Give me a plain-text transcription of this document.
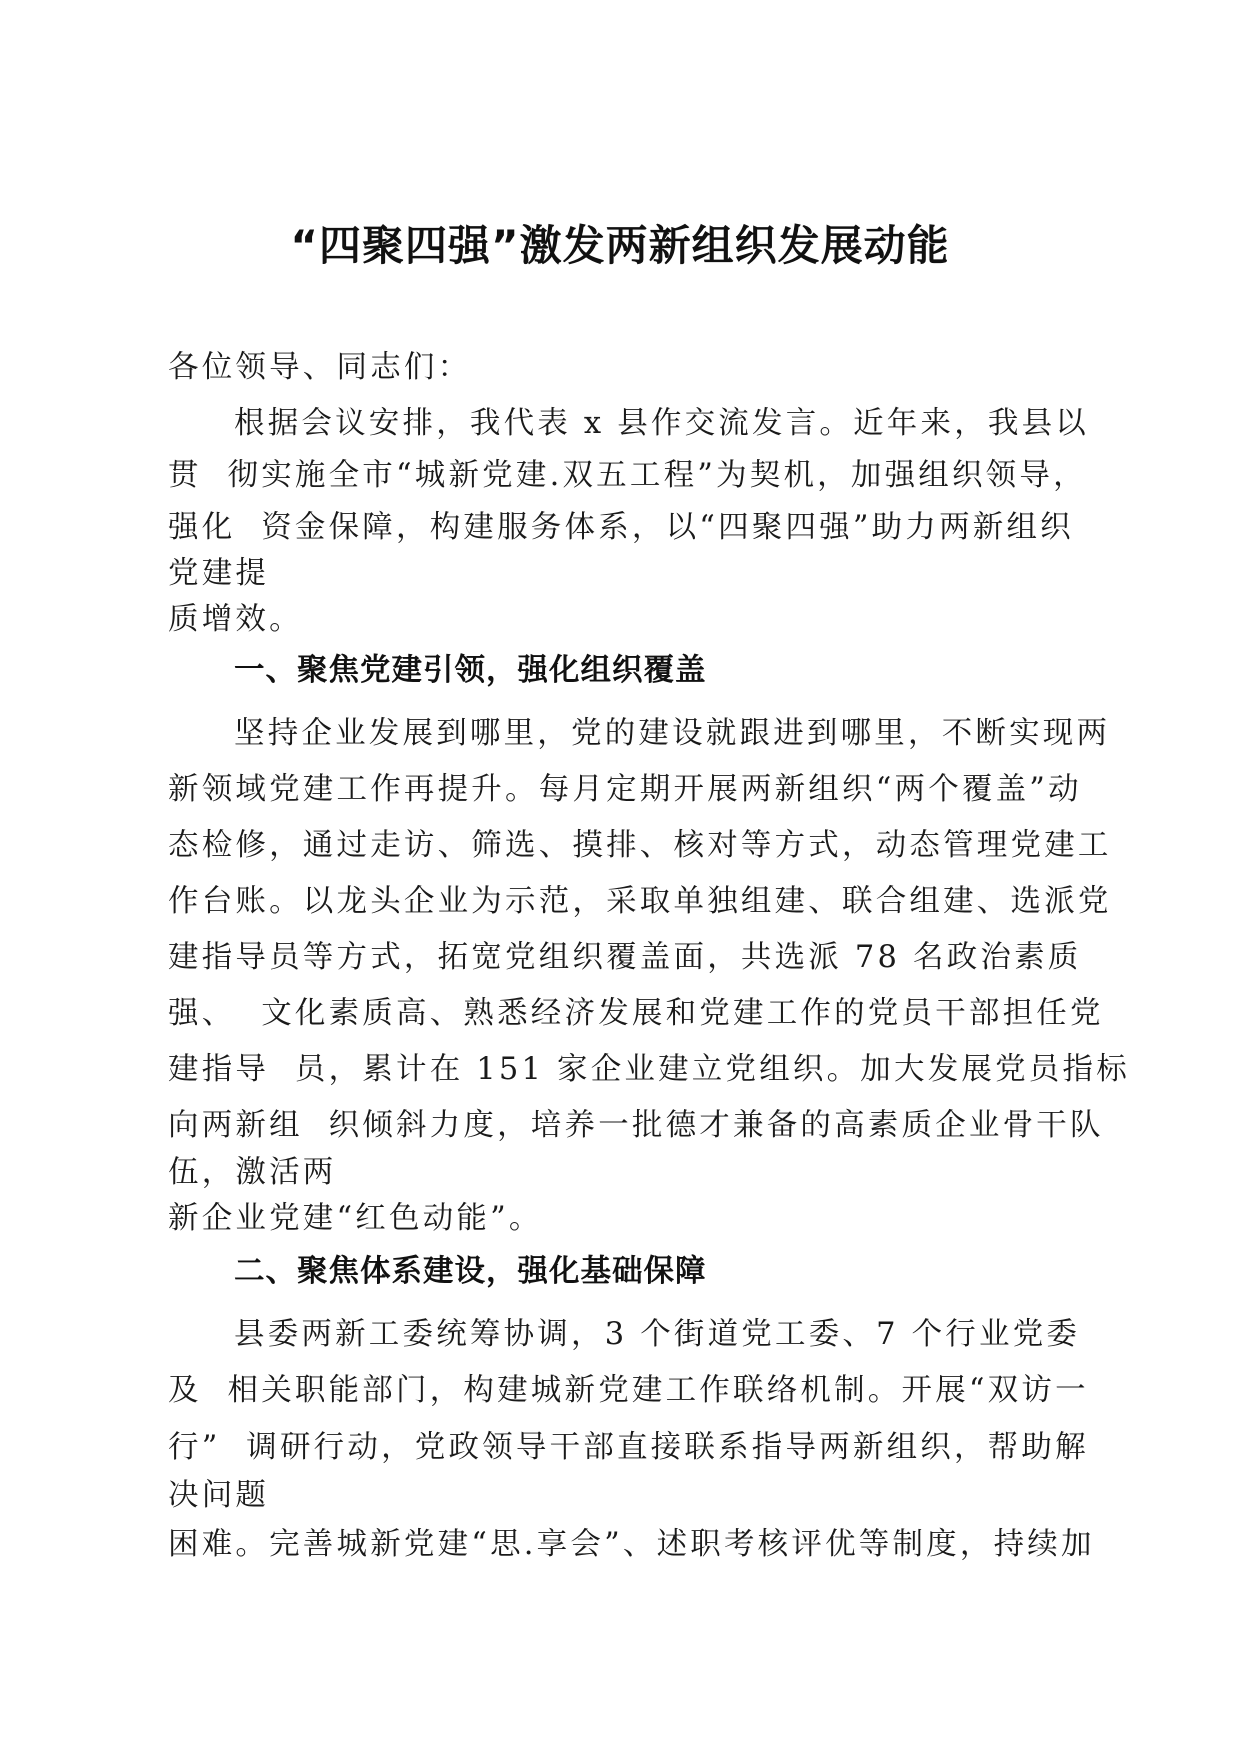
“四聚四强”激发两新组织发展动能
各位领导、同志们：
根据会议安排，我代表 x 县作交流发言。近年来，我县以
贯  彻实施全市“城新党建.双五工程”为契机，加强组织领导，
强化  资金保障，构建服务体系，以“四聚四强”助力两新组织
党建提
质增效。
一、聚焦党建引领，强化组织覆盖
坚持企业发展到哪里，党的建设就跟进到哪里，不断实现两
新领域党建工作再提升。每月定期开展两新组织“两个覆盖”动
态检修，通过走访、筛选、摸排、核对等方式，动态管理党建工
作台账。以龙头企业为示范，采取单独组建、联合组建、选派党
建指导员等方式，拓宽党组织覆盖面，共选派 78 名政治素质
强、  文化素质高、熟悉经济发展和党建工作的党员干部担任党
建指导  员，累计在 151 家企业建立党组织。加大发展党员指标
向两新组  织倾斜力度，培养一批德才兼备的高素质企业骨干队
伍，激活两
新企业党建“红色动能”。
二、聚焦体系建设，强化基础保障
县委两新工委统筹协调，3 个街道党工委、7 个行业党委
及  相关职能部门，构建城新党建工作联络机制。开展“双访一
行”  调研行动，党政领导干部直接联系指导两新组织，帮助解
决问题
困难。完善城新党建“思.享会”、述职考核评优等制度，持续加
